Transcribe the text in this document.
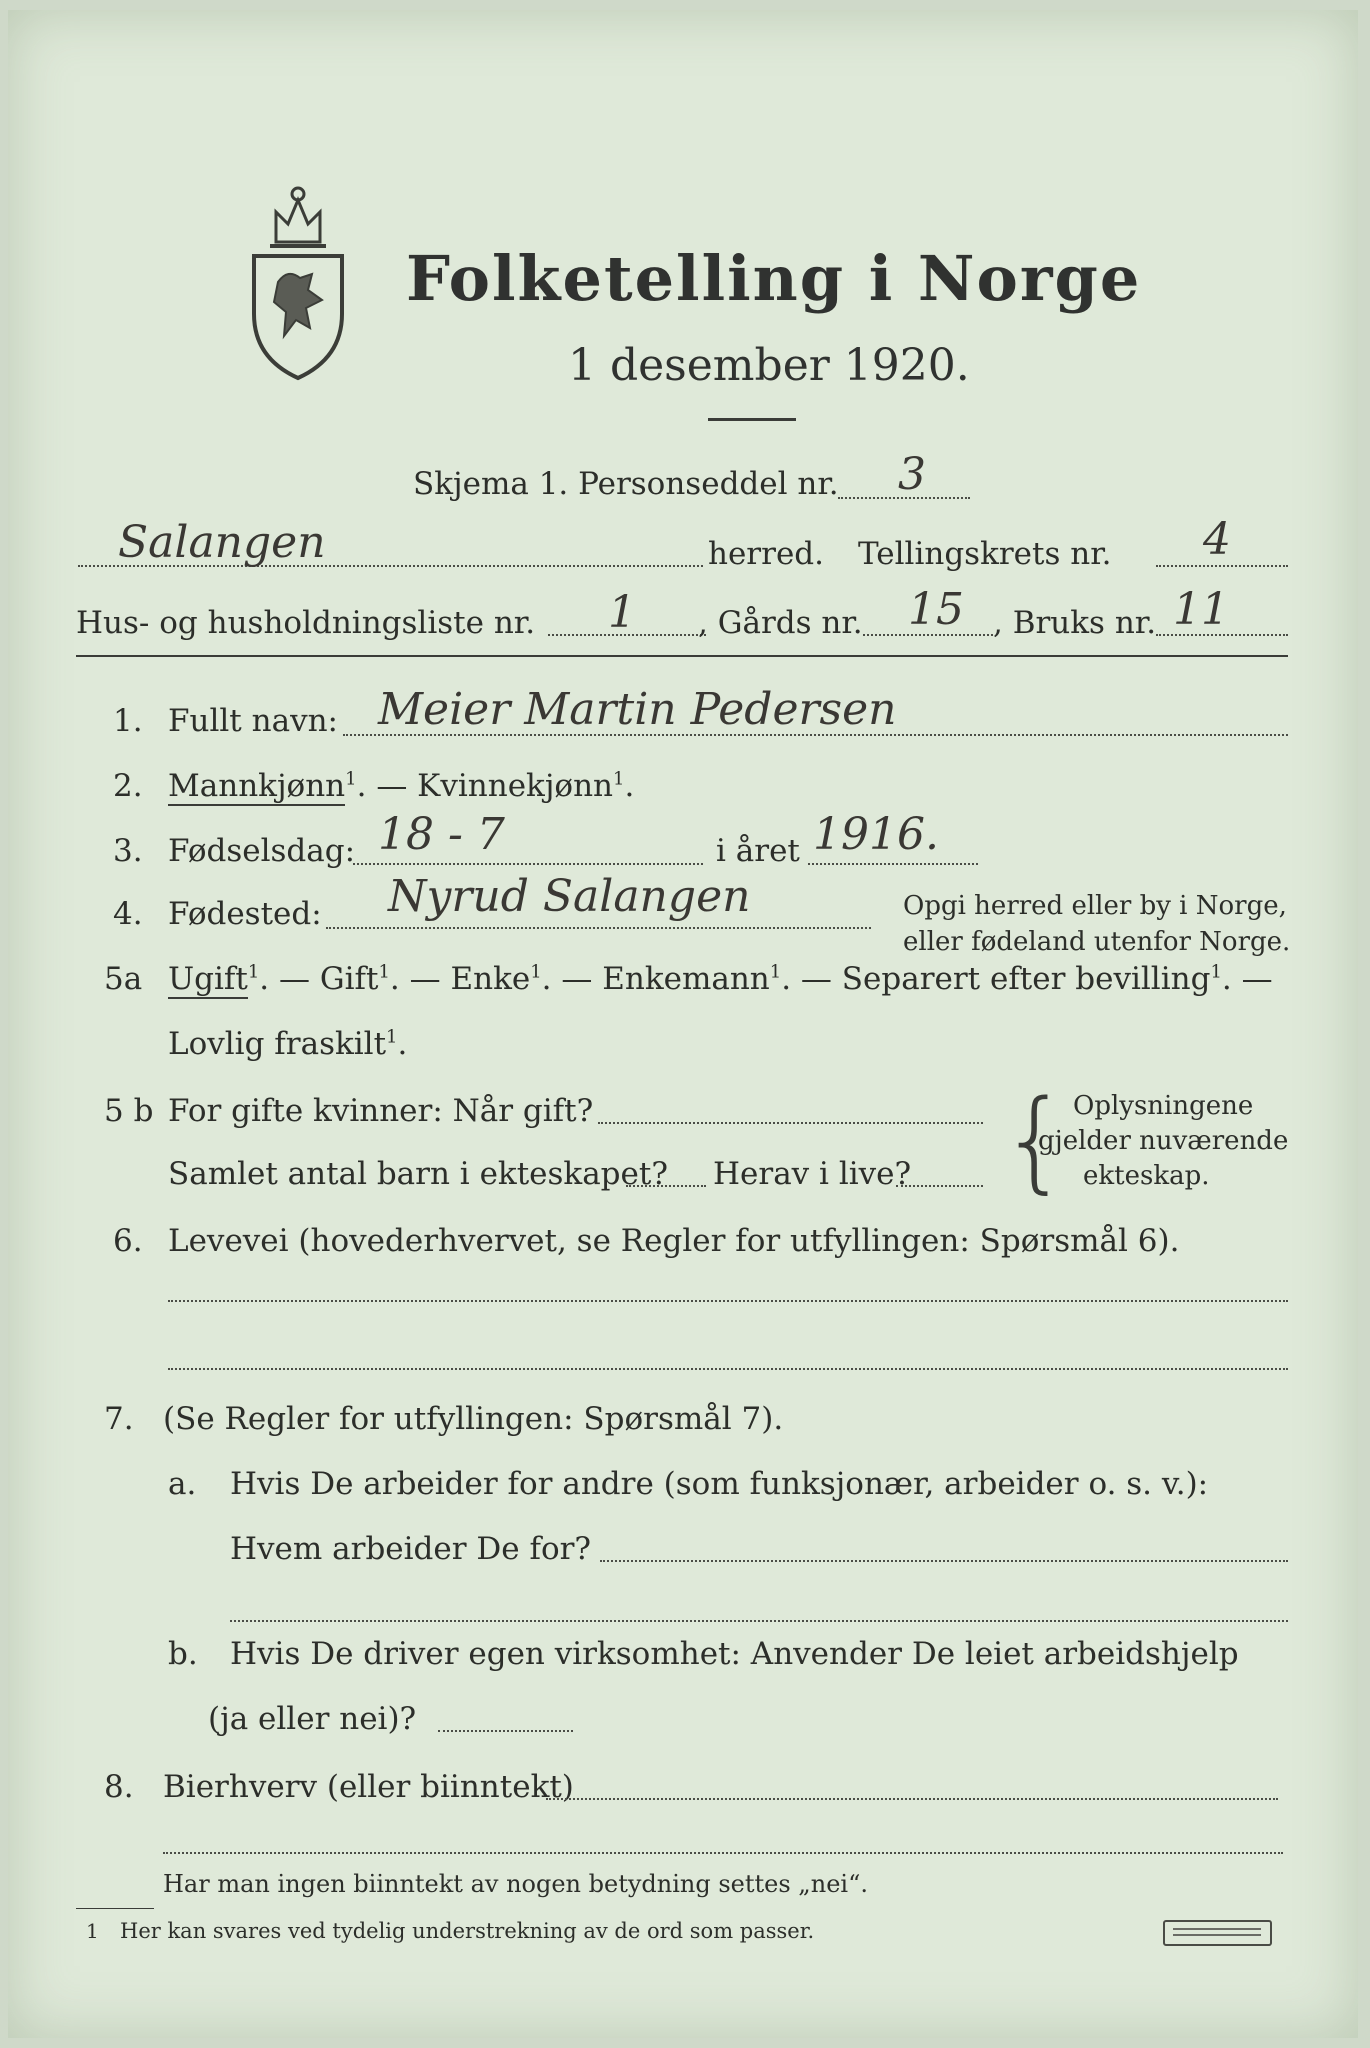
Folketelling i Norge
1 desember 1920.
Skjema 1. Personseddel nr. 3
Salangen	herred. Tellingskrets nr. 4
Hus- og husholdningsliste nr. 1 , Gårds nr. 15 , Bruks nr. 11
1. Fullt navn: Meier Martin Pedersen
2. Mannkjønn$^1$. — Kvinnekjønn$^1$.
3. Fødselsdag: 18 - 7	i året 1916.
4. Fødested: Nyrud Salangen	Opgi herred eller by i Norge,
eller fødeland utenfor Norge.
5a Ugift$^1$. — Gift$^1$. — Enke$^1$. — Enkemann$^1$. — Separert efter bevilling$^1$. —
Lovlig fraskilt$^1$.
5 b For gifte kvinner: Når gift?
Samlet antal barn i ekteskapet? Herav i live? { Oplysningene
gjelder nuværende
ekteskap.
6. Levevei (hovederhvervet, se Regler for utfyllingen: Spørsmål 6).
7. (Se Regler for utfyllingen: Spørsmål 7).
a. Hvis De arbeider for andre (som funksjonær, arbeider o. s. v.):
Hvem arbeider De for?
b. Hvis De driver egen virksomhet: Anvender De leiet arbeidshjelp
(ja eller nei)?
8. Bierhverv (eller biinntekt)
Har man ingen biinntekt av nogen betydning settes „nei“.
1 Her kan svares ved tydelig understrekning av de ord som passer.
